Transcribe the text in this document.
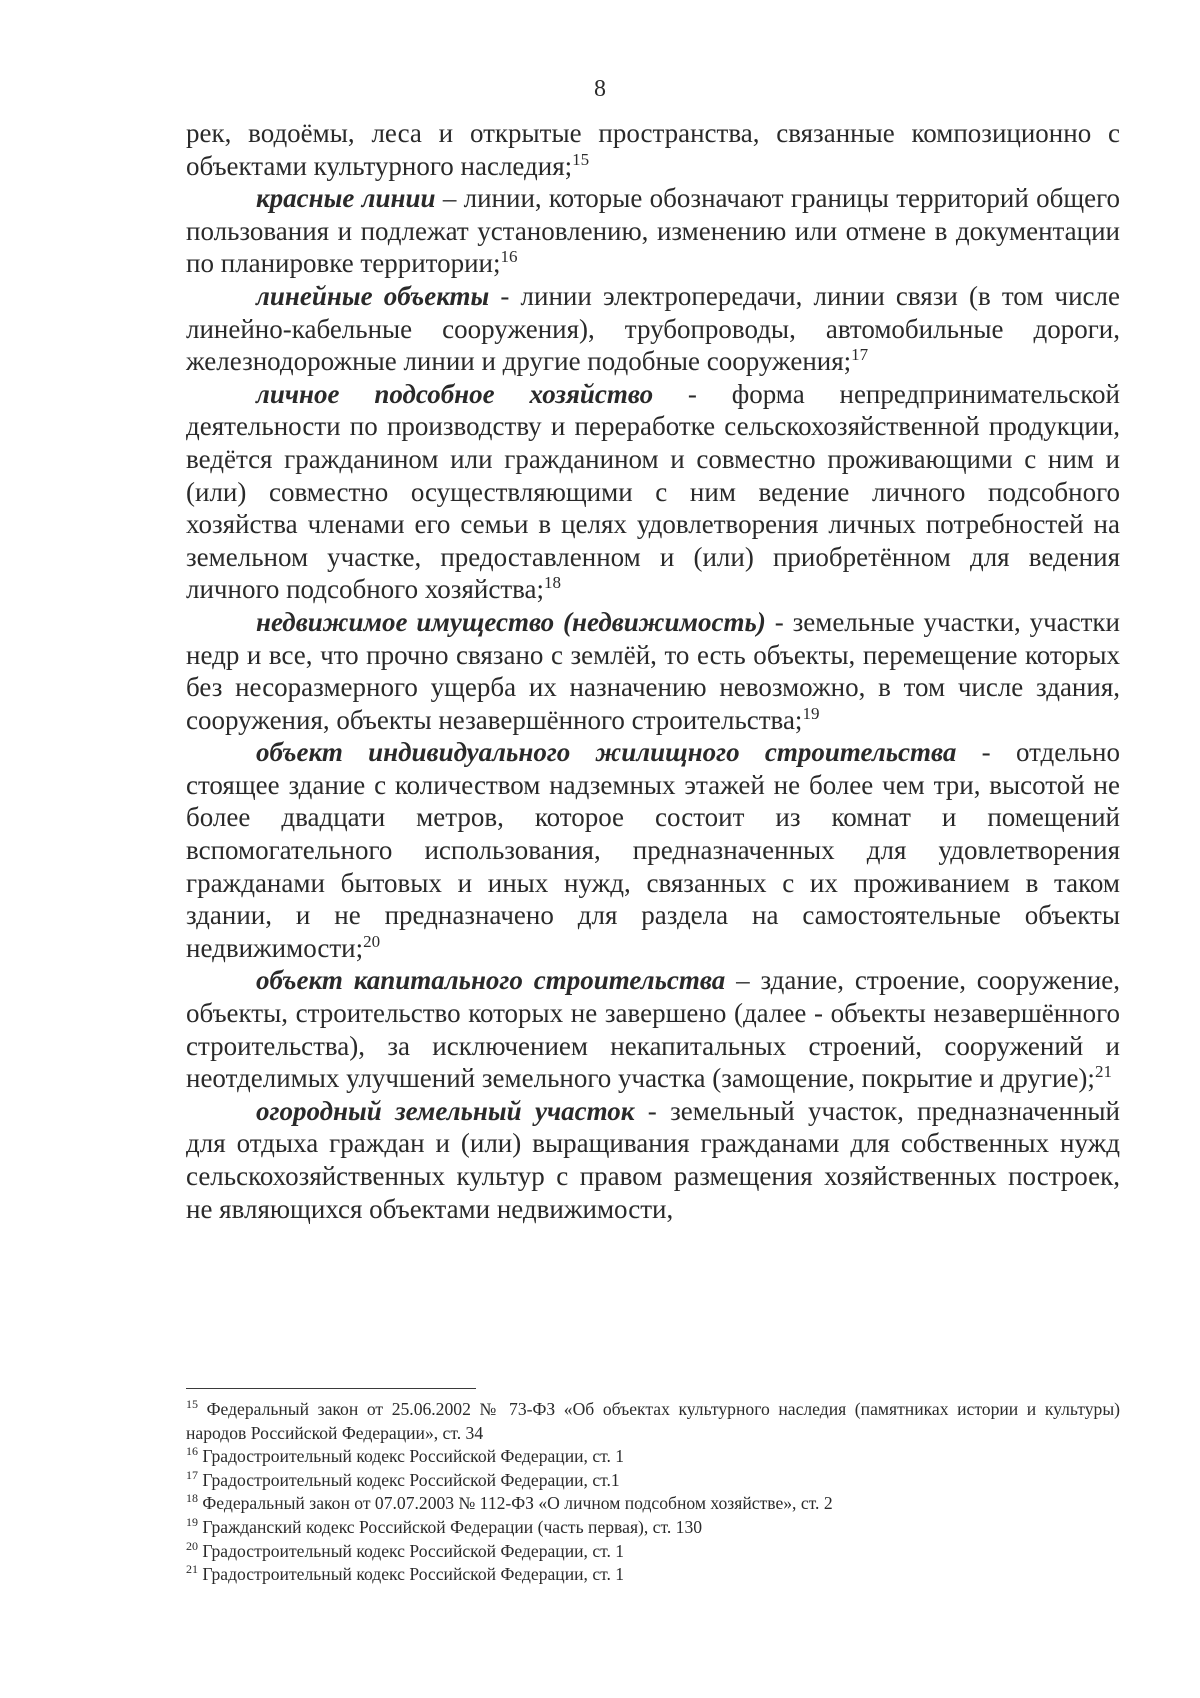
8

рек, водоёмы, леса и открытые пространства, связанные композиционно с объектами культурного наследия;$^{15}$

красные линии – линии, которые обозначают границы территорий общего пользования и подлежат установлению, изменению или отмене в документации по планировке территории;$^{16}$

линейные объекты - линии электропередачи, линии связи (в том числе линейно-кабельные сооружения), трубопроводы, автомобильные дороги, железнодорожные линии и другие подобные сооружения;$^{17}$

личное подсобное хозяйство - форма непредпринимательской деятельности по производству и переработке сельскохозяйственной продукции, ведётся гражданином или гражданином и совместно проживающими с ним и (или) совместно осуществляющими с ним ведение личного подсобного хозяйства членами его семьи в целях удовлетворения личных потребностей на земельном участке, предоставленном и (или) приобретённом для ведения личного подсобного хозяйства;$^{18}$

недвижимое имущество (недвижимость) - земельные участки, участки недр и все, что прочно связано с землёй, то есть объекты, перемещение которых без несоразмерного ущерба их назначению невозможно, в том числе здания, сооружения, объекты незавершённого строительства;$^{19}$

объект индивидуального жилищного строительства - отдельно стоящее здание с количеством надземных этажей не более чем три, высотой не более двадцати метров, которое состоит из комнат и помещений вспомогательного использования, предназначенных для удовлетворения гражданами бытовых и иных нужд, связанных с их проживанием в таком здании, и не предназначено для раздела на самостоятельные объекты недвижимости;$^{20}$

объект капитального строительства – здание, строение, сооружение, объекты, строительство которых не завершено (далее - объекты незавершённого строительства), за исключением некапитальных строений, сооружений и неотделимых улучшений земельного участка (замощение, покрытие и другие);$^{21}$

огородный земельный участок - земельный участок, предназначенный для отдыха граждан и (или) выращивания гражданами для собственных нужд сельскохозяйственных культур с правом размещения хозяйственных построек, не являющихся объектами недвижимости,

$^{15}$ Федеральный закон от 25.06.2002 № 73-ФЗ «Об объектах культурного наследия (памятниках истории и культуры) народов Российской Федерации», ст. 34

$^{16}$ Градостроительный кодекс Российской Федерации, ст. 1

$^{17}$ Градостроительный кодекс Российской Федерации, ст.1

$^{18}$ Федеральный закон от 07.07.2003 № 112-ФЗ «О личном подсобном хозяйстве», ст. 2

$^{19}$ Гражданский кодекс Российской Федерации (часть первая), ст. 130

$^{20}$ Градостроительный кодекс Российской Федерации, ст. 1

$^{21}$ Градостроительный кодекс Российской Федерации, ст. 1
